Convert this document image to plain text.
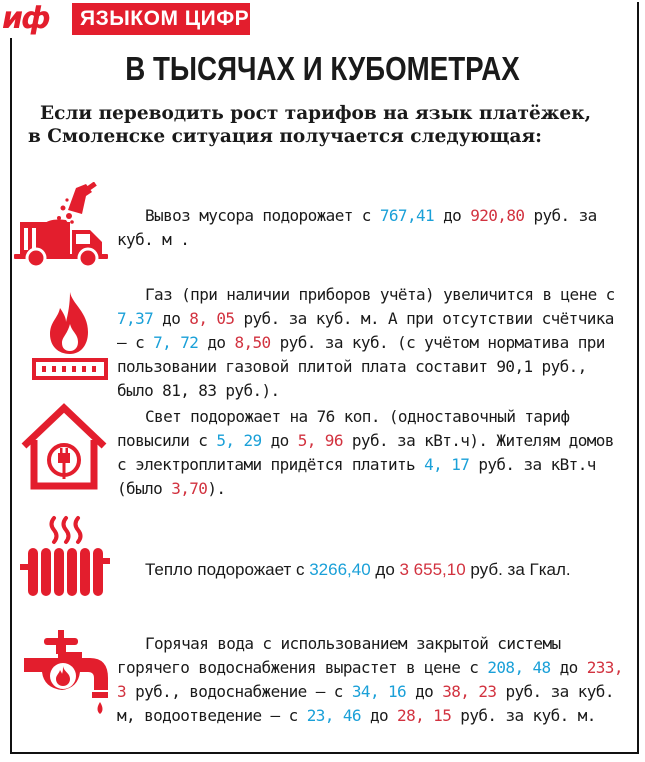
иф	ЯЗЫКОМ ЦИФР
В ТЫСЯЧАХ И КУБОМЕТРАХ
Если переводить рост тарифов на язык платёжек,
в Смоленске ситуация получается следующая:
Вывоз мусора подорожает с 767,41 до 920,80 руб. за куб. м .
Газ (при наличии приборов учёта) увеличится в цене с 7,37 до 8, 05 руб. за куб. м. А при отсутствии счётчика – с 7, 72 до 8,50 руб. за куб. (с учётом норматива при пользовании газовой плитой плата составит 90,1 руб., было 81, 83 руб.).
Свет подорожает на 76 коп. (одноставочный тариф повысили с 5, 29 до 5, 96 руб. за кВт.ч). Жителям домов с электроплитами придётся платить 4, 17 руб. за кВт.ч (было 3,70).
Тепло подорожает с 3266,40 до 3 655,10 руб. за Гкал.
Горячая вода с использованием закрытой системы горячего водоснабжения вырастет в цене с 208, 48 до 233, 3 руб., водоснабжение – с 34, 16 до 38, 23 руб. за куб. м, водоотведение – с 23, 46 до 28, 15 руб. за куб. м.
